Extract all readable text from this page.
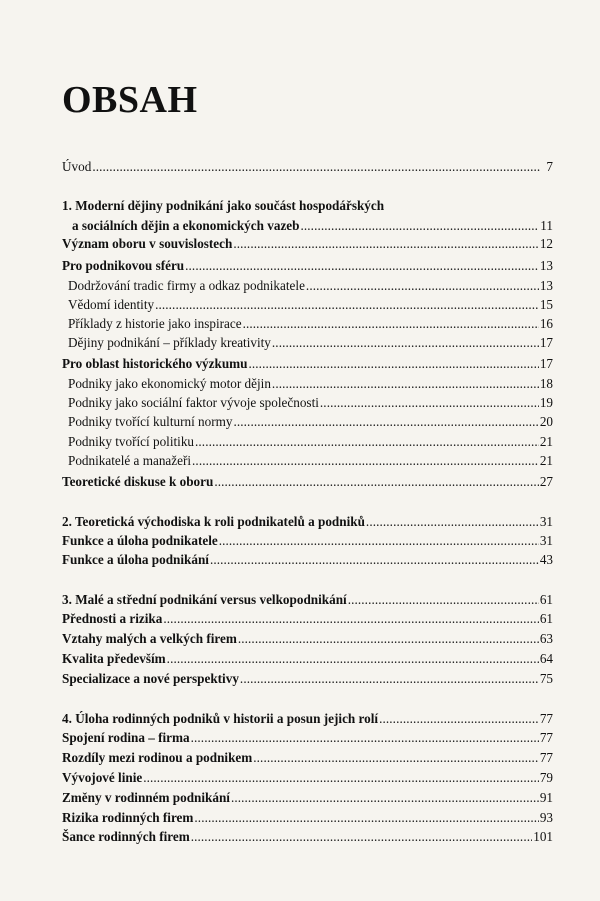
OBSAH
Úvod . . .	7
1. Moderní dějiny podnikání jako součást hospodářských
a sociálních dějin a ekonomických vazeb . . .	11
Význam oboru v souvislostech . . .	12
Pro podnikovou sféru . . .	13
Dodržování tradic firmy a odkaz podnikatele . . .	13
Vědomí identity . . .	15
Příklady z historie jako inspirace . . .	16
Dějiny podnikání – příklady kreativity . . .	17
Pro oblast historického výzkumu . . .	17
Podniky jako ekonomický motor dějin . . .	18
Podniky jako sociální faktor vývoje společnosti . . .	19
Podniky tvořící kulturní normy . . .	20
Podniky tvořící politiku . . .	21
Podnikatelé a manažeři . . .	21
Teoretické diskuse k oboru . . .	27
2. Teoretická východiska k roli podnikatelů a podniků . . .	31
Funkce a úloha podnikatele . . .	31
Funkce a úloha podnikání . . .	43
3. Malé a střední podnikání versus velkopodnikání . . .	61
Přednosti a rizika . . .	61
Vztahy malých a velkých firem . . .	63
Kvalita především . . .	64
Specializace a nové perspektivy . . .	75
4. Úloha rodinných podniků v historii a posun jejich rolí . . .	77
Spojení rodina – firma . . .	77
Rozdíly mezi rodinou a podnikem . . .	77
Vývojové linie . . .	79
Změny v rodinném podnikání . . .	91
Rizika rodinných firem . . .	93
Šance rodinných firem . . .	101
